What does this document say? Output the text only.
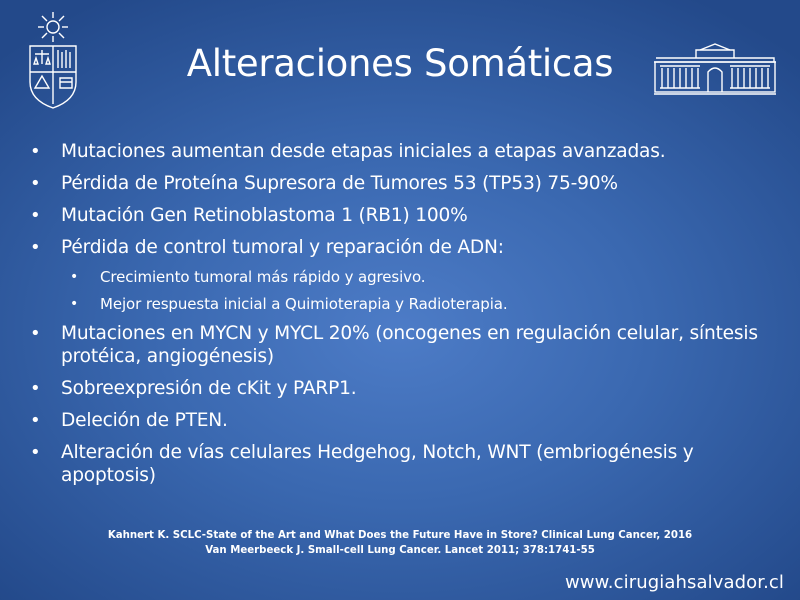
Alteraciones Somáticas
• Mutaciones aumentan desde etapas iniciales a etapas avanzadas.
• Pérdida de Proteína Supresora de Tumores 53 (TP53) 75-90%
• Mutación Gen Retinoblastoma 1 (RB1) 100%
• Pérdida de control tumoral y reparación de ADN:
• Crecimiento tumoral más rápido y agresivo.
• Mejor respuesta inicial a Quimioterapia y Radioterapia.
• Mutaciones en MYCN y MYCL 20% (oncogenes en regulación celular, síntesis protéica, angiogénesis)
• Sobreexpresión de cKit y PARP1.
• Deleción de PTEN.
• Alteración de vías celulares Hedgehog, Notch, WNT (embriogénesis y apoptosis)
Kahnert K. SCLC-State of the Art and What Does the Future Have in Store? Clinical Lung Cancer, 2016
Van Meerbeeck J. Small-cell Lung Cancer. Lancet 2011; 378:1741-55
www.cirugiahsalvador.cl
